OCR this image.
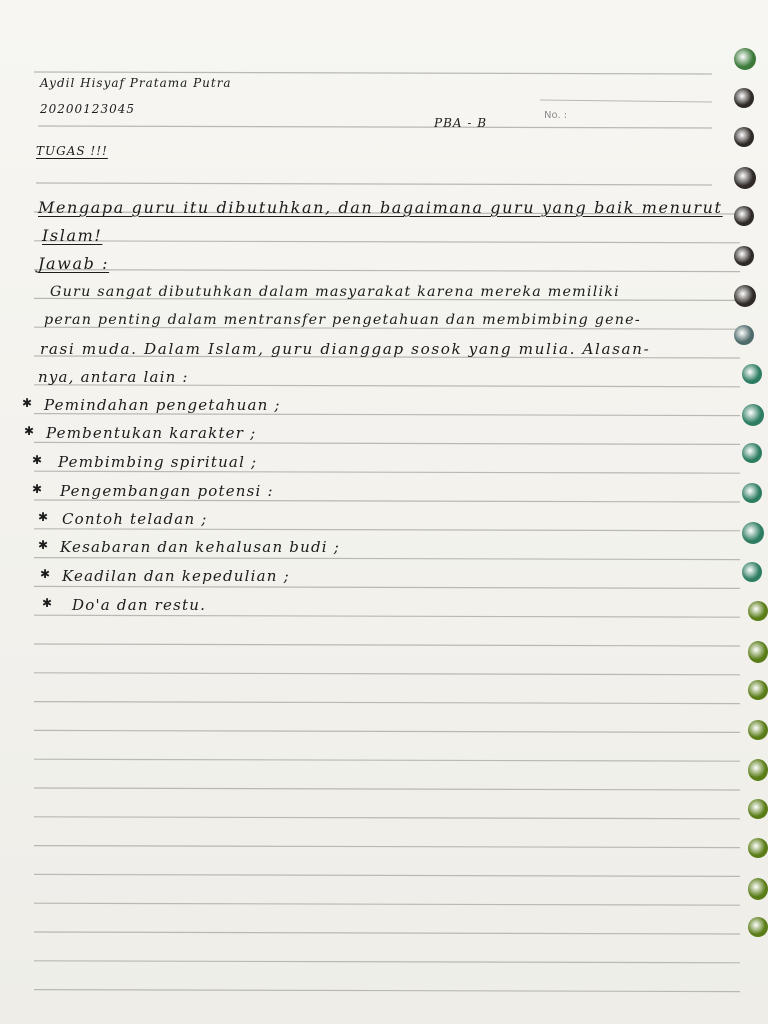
Aydil Hisyaf Pratama Putra

20200123045

PBA - B

No. :

TUGAS !!!

Mengapa guru itu dibutuhkan, dan bagaimana guru yang baik menurut

Islam!

Jawab :

Guru sangat dibutuhkan dalam masyarakat karena mereka memiliki

peran penting dalam mentransfer pengetahuan dan membimbing gene-

rasi muda. Dalam Islam, guru dianggap sosok yang mulia. Alasan-

nya, antara lain :

✱ Pemindahan pengetahuan ;

✱ Pembentukan karakter ;

✱ Pembimbing spiritual ;

✱ Pengembangan potensi :

✱ Contoh teladan ;

✱ Kesabaran dan kehalusan budi ;

✱ Keadilan dan kepedulian ;

✱ Do'a dan restu.
